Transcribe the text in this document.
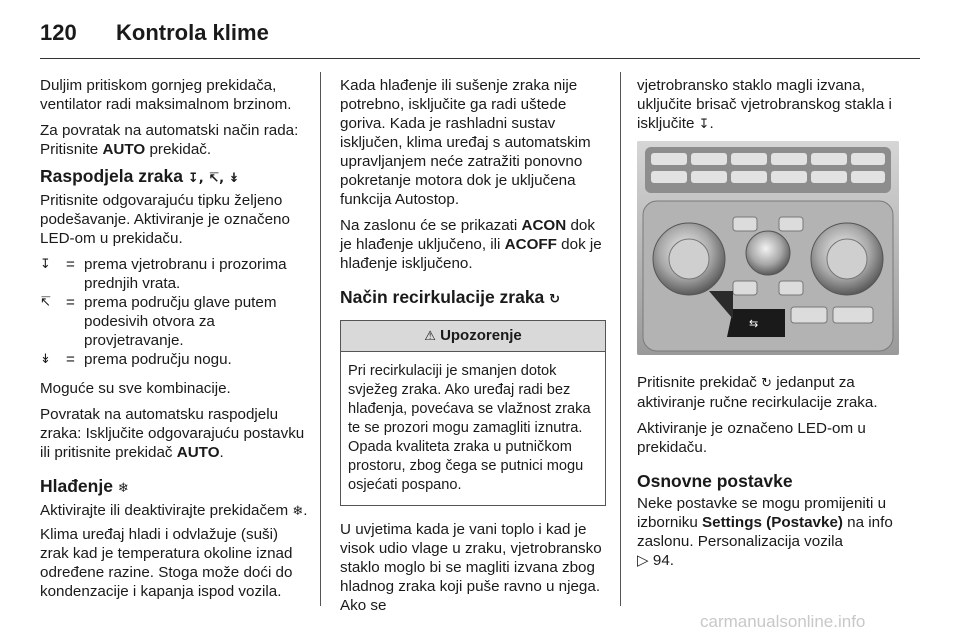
120 Kontrola klime

Duljim pritiskom gornjeg prekidača, ventilator radi maksimalnom brzinom.

Za povratak na automatski način rada: Pritisnite AUTO prekidač.

Raspodjela zraka ↧, ↸, ↡

Pritisnite odgovarajuću tipku željeno podešavanje. Aktiviranje je označeno LED-om u prekidaču.

↧ = prema vjetrobranu i prozorima prednjih vrata.
↸ = prema području glave putem podesivih otvora za provjetravanje.
↡ = prema području nogu.

Moguće su sve kombinacije.

Povratak na automatsku raspodjelu zraka: Isključite odgovarajuću postavku ili pritisnite prekidač AUTO.

Hlađenje ❄

Aktivirajte ili deaktivirajte prekidačem ❄.

Klima uređaj hladi i odvlažuje (suši) zrak kad je temperatura okoline iznad određene razine. Stoga može doći do kondenzacije i kapanja ispod vozila.

Kada hlađenje ili sušenje zraka nije potrebno, isključite ga radi uštede goriva. Kada je rashladni sustav isključen, klima uređaj s automatskim upravljanjem neće zatražiti ponovno pokretanje motora dok je uključena funkcija Autostop.

Na zaslonu će se prikazati ACON dok je hlađenje uključeno, ili ACOFF dok je hlađenje isključeno.

Način recirkulacije zraka ↻
⚠ Upozorenje
Pri recirkulaciji je smanjen dotok svježeg zraka. Ako uređaj radi bez hlađenja, povećava se vlažnost zraka te se prozori mogu zamagliti iznutra. Opada kvaliteta zraka u putničkom prostoru, zbog čega se putnici mogu osjećati pospano.

U uvjetima kada je vani toplo i kad je visok udio vlage u zraku, vjetrobransko staklo moglo bi se magliti izvana zbog hladnog zraka koji puše ravno u njega. Ako se

vjetrobransko staklo magli izvana, uključite brisač vjetrobranskog stakla i isključite ↧.

⇆

Pritisnite prekidač ↻ jedanput za aktiviranje ručne recirkulacije zraka.

Aktiviranje je označeno LED-om u prekidaču.

Osnovne postavke

Neke postavke se mogu promijeniti u izborniku Settings (Postavke) na info zaslonu. Personalizacija vozila
▷ 94.

carmanualsonline.info
